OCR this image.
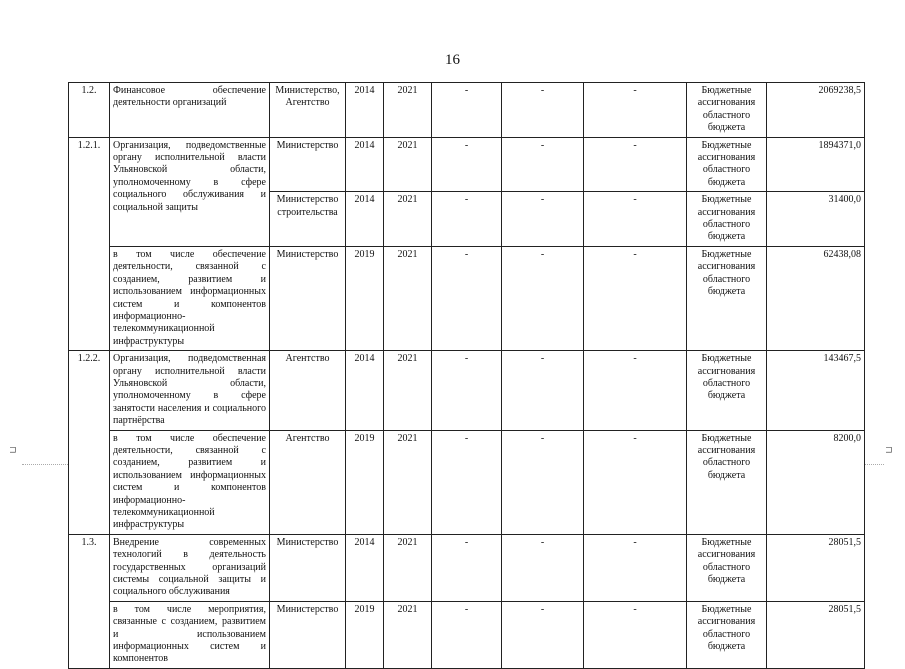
16
⊓	⊓
1.2.	Финансовое обеспечение деятельности организаций	Министерство, Агентство	2014	2021	-	-	-	Бюджетные ассигнования областного бюджета	2069238,5
1.2.1.	Организация, подведомственные органу исполнительной власти Ульяновской области, уполномоченному в сфере социального обслуживания и социальной защиты	Министерство	2014	2021	-	-	-	Бюджетные ассигнования областного бюджета	1894371,0
		Министерство строительства	2014	2021	-	-	-	Бюджетные ассигнования областного бюджета	31400,0
	в том числе обеспечение деятельности, связанной с созданием, развитием и использованием информационных систем и компонентов информационно-телекоммуникационной инфраструктуры	Министерство	2019	2021	-	-	-	Бюджетные ассигнования областного бюджета	62438,08
1.2.2.	Организация, подведомственная органу исполнительной власти Ульяновской области, уполномоченному в сфере занятости населения и социального партнёрства	Агентство	2014	2021	-	-	-	Бюджетные ассигнования областного бюджета	143467,5
	в том числе обеспечение деятельности, связанной с созданием, развитием и использованием информационных систем и компонентов информационно-телекоммуникационной инфраструктуры	Агентство	2019	2021	-	-	-	Бюджетные ассигнования областного бюджета	8200,0
1.3.	Внедрение современных технологий в деятельность государственных организаций системы социальной защиты и социального обслуживания	Министерство	2014	2021	-	-	-	Бюджетные ассигнования областного бюджета	28051,5
	в том числе мероприятия, связанные с созданием, развитием и использованием информационных систем и компонентов	Министерство	2019	2021	-	-	-	Бюджетные ассигнования областного бюджета	28051,5
